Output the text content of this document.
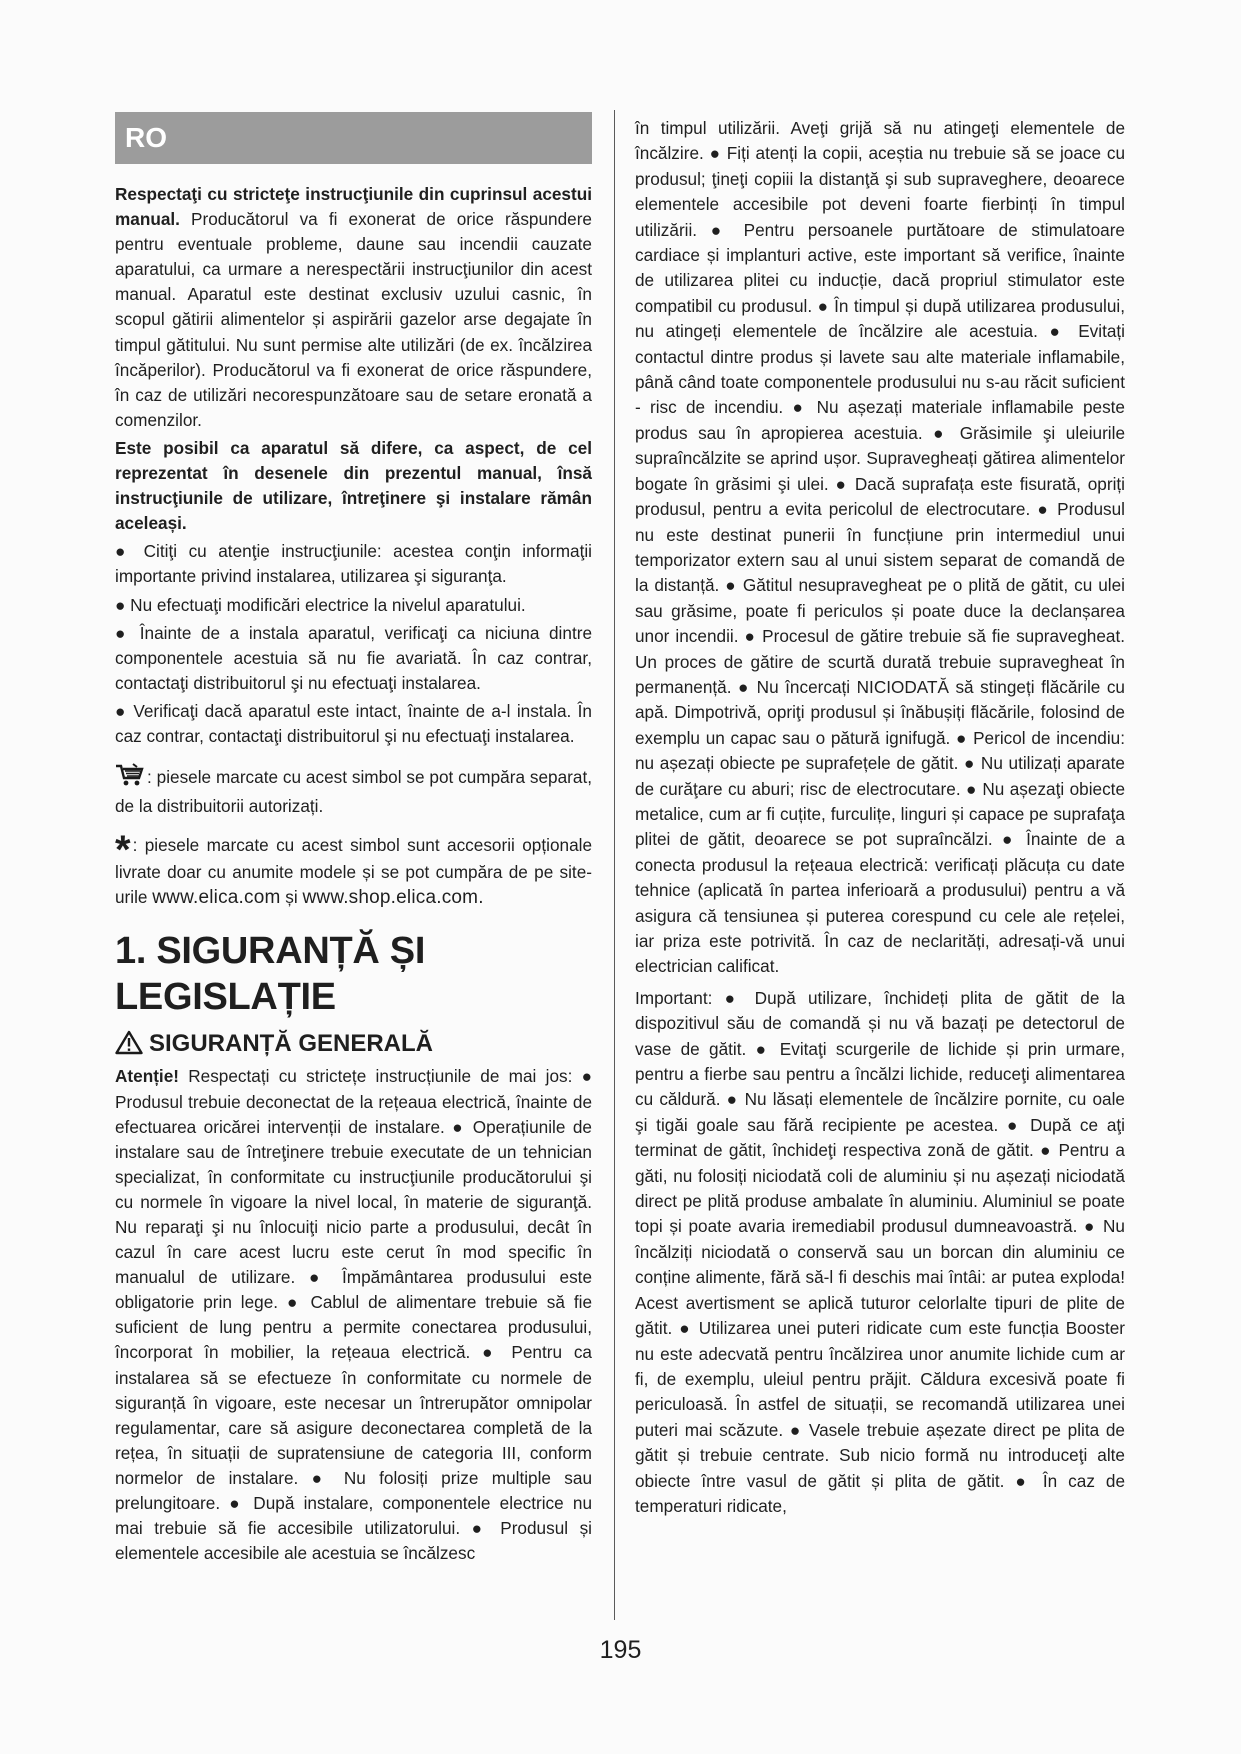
RO

Respectaţi cu stricteţe instrucţiunile din cuprinsul acestui manual. Producătorul va fi exonerat de orice răspundere pentru eventuale probleme, daune sau incendii cauzate aparatului, ca urmare a nerespectării instrucţiunilor din acest manual. Aparatul este destinat exclusiv uzului casnic, în scopul gătirii alimentelor și aspirării gazelor arse degajate în timpul gătitului. Nu sunt permise alte utilizări (de ex. încălzirea încăperilor). Producătorul va fi exonerat de orice răspundere, în caz de utilizări necorespunzătoare sau de setare eronată a comenzilor.

Este posibil ca aparatul să difere, ca aspect, de cel reprezentat în desenele din prezentul manual, însă instrucţiunile de utilizare, întreţinere şi instalare rămân aceleași.

● Citiţi cu atenţie instrucţiunile: acestea conţin informaţii importante privind instalarea, utilizarea şi siguranţa.

● Nu efectuaţi modificări electrice la nivelul aparatului.

● Înainte de a instala aparatul, verificaţi ca niciuna dintre componentele acestuia să nu fie avariată. În caz contrar, contactaţi distribuitorul şi nu efectuaţi instalarea.

● Verificaţi dacă aparatul este intact, înainte de a-l instala. În caz contrar, contactaţi distribuitorul şi nu efectuaţi instalarea.

: piesele marcate cu acest simbol se pot cumpăra separat, de la distribuitorii autorizați.

* : piesele marcate cu acest simbol sunt accesorii opționale livrate doar cu anumite modele și se pot cumpăra de pe site-urile www.elica.com și www.shop.elica.com.

1. SIGURANȚĂ ȘI LEGISLAȚIE
SIGURANȚĂ GENERALĂ

Atenție! Respectați cu strictețe instrucțiunile de mai jos: ● Produsul trebuie deconectat de la rețeaua electrică, înainte de efectuarea oricărei intervenții de instalare. ● Operațiunile de instalare sau de întreţinere trebuie executate de un tehnician specializat, în conformitate cu instrucţiunile producătorului şi cu normele în vigoare la nivel local, în materie de siguranţă. Nu reparaţi şi nu înlocuiţi nicio parte a produsului, decât în cazul în care acest lucru este cerut în mod specific în manualul de utilizare. ● Împământarea produsului este obligatorie prin lege. ● Cablul de alimentare trebuie să fie suficient de lung pentru a permite conectarea produsului, încorporat în mobilier, la rețeaua electrică. ● Pentru ca instalarea să se efectueze în conformitate cu normele de siguranță în vigoare, este necesar un întrerupător omnipolar regulamentar, care să asigure deconectarea completă de la rețea, în situații de supratensiune de categoria III, conform normelor de instalare. ● Nu folosiți prize multiple sau prelungitoare. ● După instalare, componentele electrice nu mai trebuie să fie accesibile utilizatorului. ● Produsul și elementele accesibile ale acestuia se încălzesc

în timpul utilizării. Aveţi grijă să nu atingeţi elementele de încălzire. ● Fiți atenți la copii, aceștia nu trebuie să se joace cu produsul; ţineţi copiii la distanţă şi sub supraveghere, deoarece elementele accesibile pot deveni foarte fierbinți în timpul utilizării. ● Pentru persoanele purtătoare de stimulatoare cardiace și implanturi active, este important să verifice, înainte de utilizarea plitei cu inducție, dacă propriul stimulator este compatibil cu produsul. ● În timpul și după utilizarea produsului, nu atingeți elementele de încălzire ale acestuia. ● Evitați contactul dintre produs și lavete sau alte materiale inflamabile, până când toate componentele produsului nu s-au răcit suficient - risc de incendiu. ● Nu așezați materiale inflamabile peste produs sau în apropierea acestuia. ● Grăsimile şi uleiurile supraîncălzite se aprind ușor. Supravegheați gătirea alimentelor bogate în grăsimi şi ulei. ● Dacă suprafața este fisurată, opriți produsul, pentru a evita pericolul de electrocutare. ● Produsul nu este destinat punerii în funcțiune prin intermediul unui temporizator extern sau al unui sistem separat de comandă de la distanță. ● Gătitul nesupravegheat pe o plită de gătit, cu ulei sau grăsime, poate fi periculos și poate duce la declanșarea unor incendii. ● Procesul de gătire trebuie să fie supravegheat. Un proces de gătire de scurtă durată trebuie supravegheat în permanență. ● Nu încercați NICIODATĂ să stingeți flăcările cu apă. Dimpotrivă, opriţi produsul și înăbușiți flăcările, folosind de exemplu un capac sau o pătură ignifugă. ● Pericol de incendiu: nu așezați obiecte pe suprafețele de gătit. ● Nu utilizați aparate de curăţare cu aburi; risc de electrocutare. ● Nu așezaţi obiecte metalice, cum ar fi cuțite, furculițe, linguri și capace pe suprafaţa plitei de gătit, deoarece se pot supraîncălzi. ● Înainte de a conecta produsul la rețeaua electrică: verificați plăcuța cu date tehnice (aplicată în partea inferioară a produsului) pentru a vă asigura că tensiunea și puterea corespund cu cele ale rețelei, iar priza este potrivită. În caz de neclarități, adresați-vă unui electrician calificat.

Important: ● După utilizare, închideți plita de gătit de la dispozitivul său de comandă și nu vă bazați pe detectorul de vase de gătit. ● Evitaţi scurgerile de lichide și prin urmare, pentru a fierbe sau pentru a încălzi lichide, reduceţi alimentarea cu căldură. ● Nu lăsați elementele de încălzire pornite, cu oale şi tigăi goale sau fără recipiente pe acestea. ● După ce aţi terminat de gătit, închideţi respectiva zonă de gătit. ● Pentru a găti, nu folosiți niciodată coli de aluminiu și nu așezați niciodată direct pe plită produse ambalate în aluminiu. Aluminiul se poate topi și poate avaria iremediabil produsul dumneavoastră. ● Nu încălziți niciodată o conservă sau un borcan din aluminiu ce conține alimente, fără să-l fi deschis mai întâi: ar putea exploda! Acest avertisment se aplică tuturor celorlalte tipuri de plite de gătit. ● Utilizarea unei puteri ridicate cum este funcția Booster nu este adecvată pentru încălzirea unor anumite lichide cum ar fi, de exemplu, uleiul pentru prăjit. Căldura excesivă poate fi periculoasă. În astfel de situații, se recomandă utilizarea unei puteri mai scăzute. ● Vasele trebuie așezate direct pe plita de gătit și trebuie centrate. Sub nicio formă nu introduceţi alte obiecte între vasul de gătit și plita de gătit. ● În caz de temperaturi ridicate,

195
